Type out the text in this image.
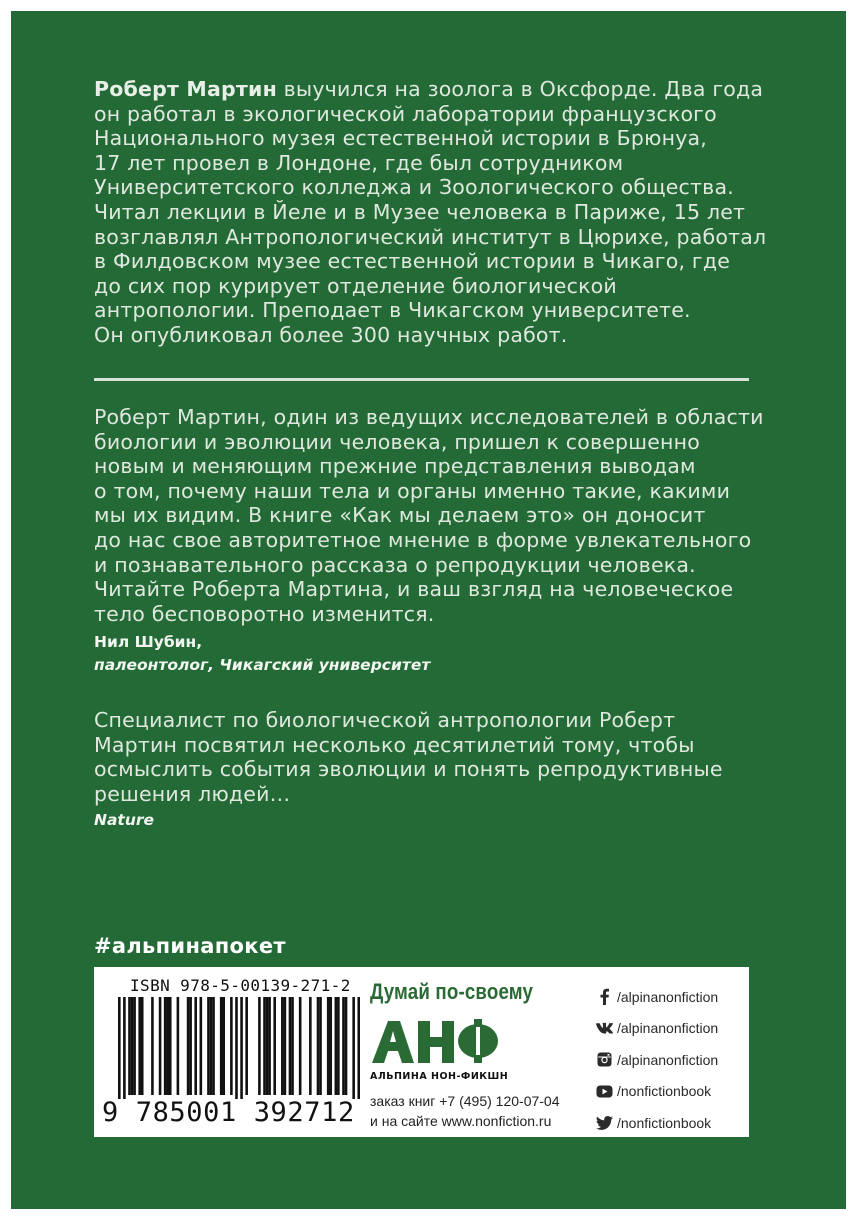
Роберт Мартин выучился на зоолога в Оксфорде. Два года
он работал в экологической лаборатории французского
Национального музея естественной истории в Брюнуа,
17 лет провел в Лондоне, где был сотрудником
Университетского колледжа и Зоологического общества.
Читал лекции в Йеле и в Музее человека в Париже, 15 лет
возглавлял Антропологический институт в Цюрихе, работал
в Филдовском музее естественной истории в Чикаго, где
до сих пор курирует отделение биологической
антропологии. Преподает в Чикагском университете.
Он опубликовал более 300 научных работ.
Роберт Мартин, один из ведущих исследователей в области
биологии и эволюции человека, пришел к совершенно
новым и меняющим прежние представления выводам
о том, почему наши тела и органы именно такие, какими
мы их видим. В книге «Как мы делаем это» он доносит
до нас свое авторитетное мнение в форме увлекательного
и познавательного рассказа о репродукции человека.
Читайте Роберта Мартина, и ваш взгляд на человеческое
тело бесповоротно изменится.
Нил Шубин,
палеонтолог, Чикагский университет
Специалист по биологической антропологии Роберт
Мартин посвятил несколько десятилетий тому, чтобы
осмыслить события эволюции и понять репродуктивные
решения людей…
Nature
#альпинапокет
ISBN 978-5-00139-271-2
9 785001 392712
Думай по-своему
АЛЬПИНА НОН-ФИКШН
заказ книг +7 (495) 120-07-04
и на сайте www.nonfiction.ru
/alpinanonfiction
/alpinanonfiction
/alpinanonfiction
/nonfictionbook
/nonfictionbook
